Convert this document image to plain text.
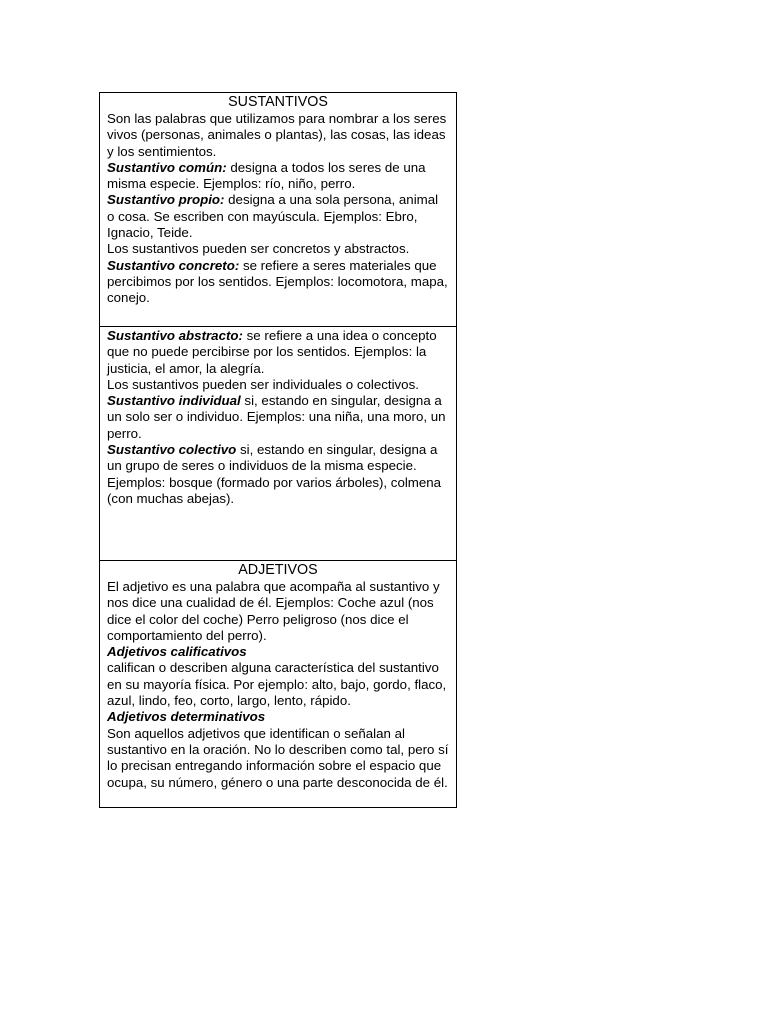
SUSTANTIVOS

Son las palabras que utilizamos para nombrar a los seres vivos (personas, animales o plantas), las cosas, las ideas y los sentimientos.

Sustantivo común: designa a todos los seres de una misma especie. Ejemplos: río, niño, perro.

Sustantivo propio: designa a una sola persona, animal o cosa. Se escriben con mayúscula. Ejemplos: Ebro, Ignacio, Teide.

Los sustantivos pueden ser concretos y abstractos.

Sustantivo concreto: se refiere a seres materiales que percibimos por los sentidos. Ejemplos: locomotora, mapa, conejo.

Sustantivo abstracto: se refiere a una idea o concepto que no puede percibirse por los sentidos. Ejemplos: la justicia, el amor, la alegría.

Los sustantivos pueden ser individuales o colectivos.

Sustantivo individual si, estando en singular, designa a un solo ser o individuo. Ejemplos: una niña, una moro, un perro.

Sustantivo colectivo si, estando en singular, designa a un grupo de seres o individuos de la misma especie. Ejemplos: bosque (formado por varios árboles), colmena (con muchas abejas).

ADJETIVOS

El adjetivo es una palabra que acompaña al sustantivo y nos dice una cualidad de él. Ejemplos: Coche azul (nos dice el color del coche) Perro peligroso (nos dice el comportamiento del perro).

Adjetivos calificativos

califican o describen alguna característica del sustantivo en su mayoría física. Por ejemplo: alto, bajo, gordo, flaco, azul, lindo, feo, corto, largo, lento, rápido.

Adjetivos determinativos

Son aquellos adjetivos que identifican o señalan al sustantivo en la oración. No lo describen como tal, pero sí lo precisan entregando información sobre el espacio que ocupa, su número, género o una parte desconocida de él.
